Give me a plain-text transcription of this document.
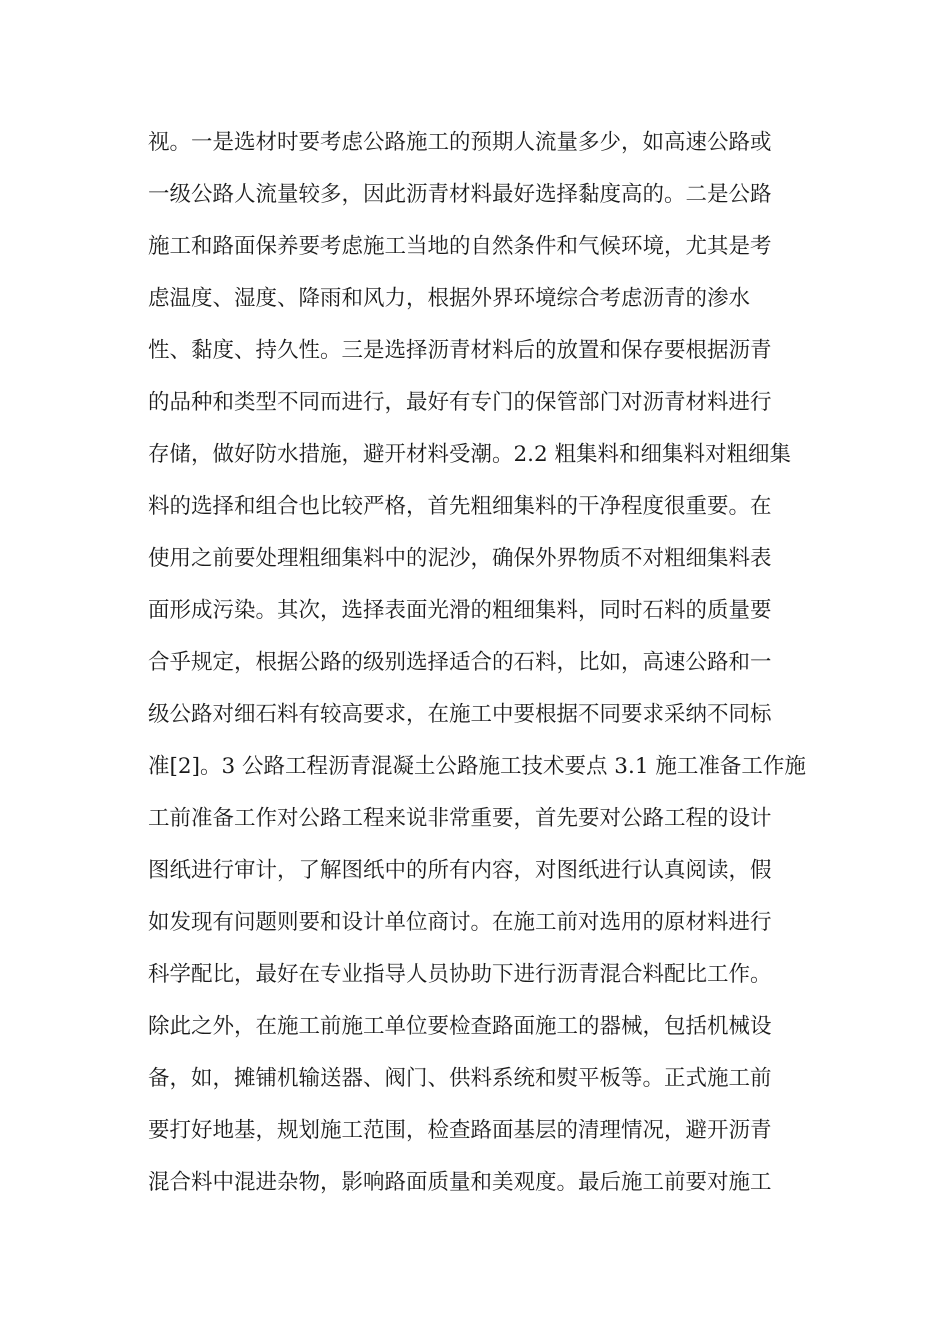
视。一是选材时要考虑公路施工的预期人流量多少，如高速公路或
一级公路人流量较多，因此沥青材料最好选择黏度高的。二是公路
施工和路面保养要考虑施工当地的自然条件和气候环境，尤其是考
虑温度、湿度、降雨和风力，根据外界环境综合考虑沥青的渗水
性、黏度、持久性。三是选择沥青材料后的放置和保存要根据沥青
的品种和类型不同而进行，最好有专门的保管部门对沥青材料进行
存储，做好防水措施，避开材料受潮。2.2 粗集料和细集料对粗细集
料的选择和组合也比较严格，首先粗细集料的干净程度很重要。在
使用之前要处理粗细集料中的泥沙，确保外界物质不对粗细集料表
面形成污染。其次，选择表面光滑的粗细集料，同时石料的质量要
合乎规定，根据公路的级别选择适合的石料，比如，高速公路和一
级公路对细石料有较高要求，在施工中要根据不同要求采纳不同标
准[2]。3 公路工程沥青混凝土公路施工技术要点 3.1 施工准备工作施
工前准备工作对公路工程来说非常重要，首先要对公路工程的设计
图纸进行审计，了解图纸中的所有内容，对图纸进行认真阅读，假
如发现有问题则要和设计单位商讨。在施工前对选用的原材料进行
科学配比，最好在专业指导人员协助下进行沥青混合料配比工作。
除此之外，在施工前施工单位要检查路面施工的器械，包括机械设
备，如，摊铺机输送器、阀门、供料系统和熨平板等。正式施工前
要打好地基，规划施工范围，检查路面基层的清理情况，避开沥青
混合料中混进杂物，影响路面质量和美观度。最后施工前要对施工
